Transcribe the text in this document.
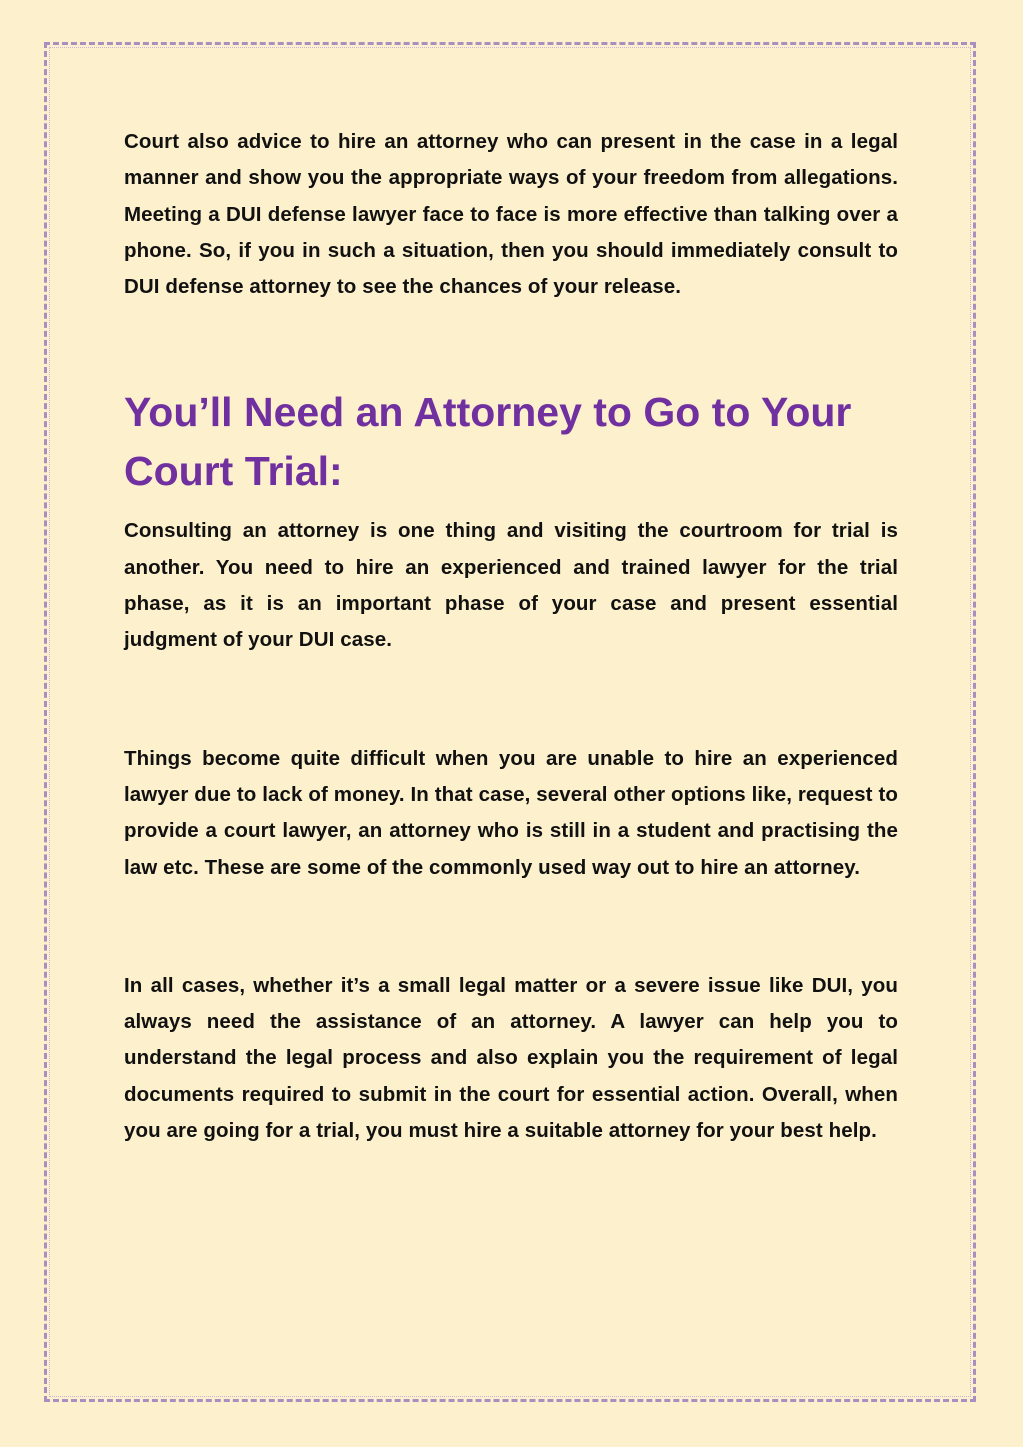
Court also advice to hire an attorney who can present in the case in a legal manner and show you the appropriate ways of your freedom from allegations. Meeting a DUI defense lawyer face to face is more effective than talking over a phone. So, if you in such a situation, then you should immediately consult to DUI defense attorney to see the chances of your release.

You’ll Need an Attorney to Go to Your Court Trial:

Consulting an attorney is one thing and visiting the courtroom for trial is another. You need to hire an experienced and trained lawyer for the trial phase, as it is an important phase of your case and present essential judgment of your DUI case.

Things become quite difficult when you are unable to hire an experienced lawyer due to lack of money. In that case, several other options like, request to provide a court lawyer, an attorney who is still in a student and practising the law etc. These are some of the commonly used way out to hire an attorney.

In all cases, whether it’s a small legal matter or a severe issue like DUI, you always need the assistance of an attorney. A lawyer can help you to understand the legal process and also explain you the requirement of legal documents required to submit in the court for essential action. Overall, when you are going for a trial, you must hire a suitable attorney for your best help.
